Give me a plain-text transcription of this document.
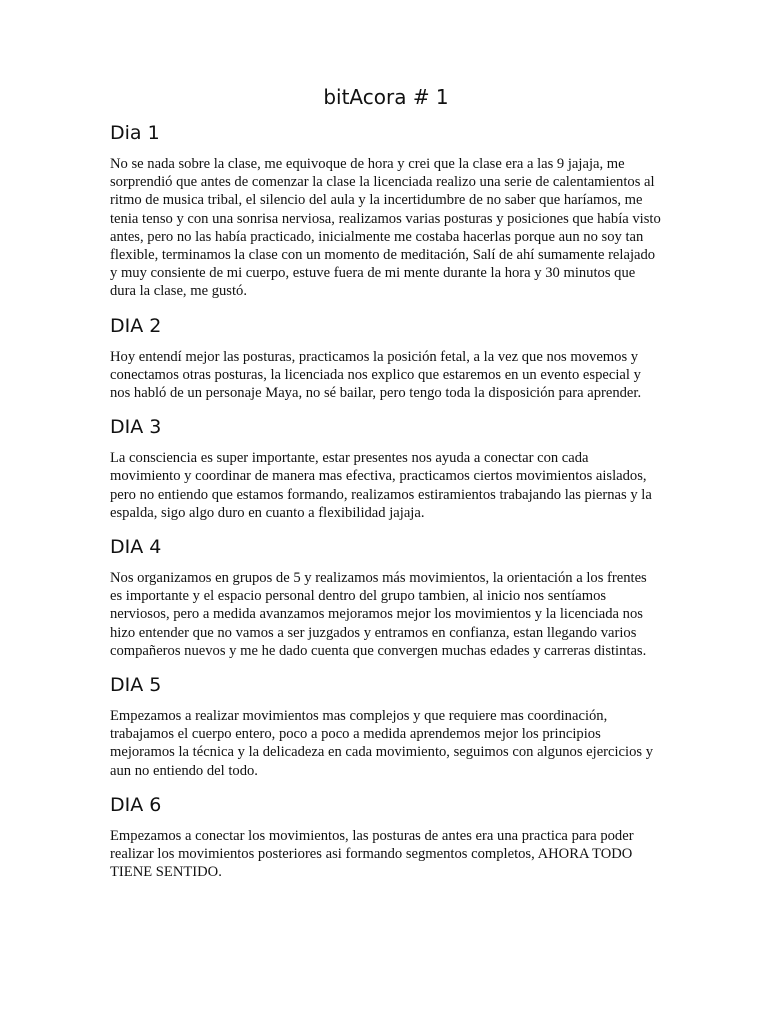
bitAcora # 1
Dia 1

No se nada sobre la clase, me equivoque de hora y crei que la clase era a las 9 jajaja, me sorprendió que antes de comenzar la clase la licenciada realizo una serie de calentamientos al ritmo de musica tribal, el silencio del aula y la incertidumbre de no saber que haríamos, me tenia tenso y con una sonrisa nerviosa, realizamos varias posturas y posiciones que había visto antes, pero no las había practicado, inicialmente me costaba hacerlas porque aun no soy tan flexible, terminamos la clase con un momento de meditación, Salí de ahí sumamente relajado y muy consiente de mi cuerpo, estuve fuera de mi mente durante la hora y 30 minutos que dura la clase, me gustó.

DIA 2

Hoy entendí mejor las posturas, practicamos la posición fetal, a la vez que nos movemos y conectamos otras posturas, la licenciada nos explico que estaremos en un evento especial y nos habló de un personaje Maya, no sé bailar, pero tengo toda la disposición para aprender.

DIA 3

La consciencia es super importante, estar presentes nos ayuda a conectar con cada movimiento y coordinar de manera mas efectiva, practicamos ciertos movimientos aislados, pero no entiendo que estamos formando, realizamos estiramientos trabajando las piernas y la espalda, sigo algo duro en cuanto a flexibilidad jajaja.

DIA 4

Nos organizamos en grupos de 5 y realizamos más movimientos, la orientación a los frentes es importante y el espacio personal dentro del grupo tambien, al inicio nos sentíamos nerviosos, pero a medida avanzamos mejoramos mejor los movimientos y la licenciada nos hizo entender que no vamos a ser juzgados y entramos en confianza, estan llegando varios compañeros nuevos y me he dado cuenta que convergen muchas edades y carreras distintas.

DIA 5

Empezamos a realizar movimientos mas complejos y que requiere mas coordinación, trabajamos el cuerpo entero, poco a poco a medida aprendemos mejor los principios mejoramos la técnica y la delicadeza en cada movimiento, seguimos con algunos ejercicios y aun no entiendo del todo.

DIA 6

Empezamos a conectar los movimientos, las posturas de antes era una practica para poder realizar los movimientos posteriores asi formando segmentos completos, AHORA TODO TIENE SENTIDO.
